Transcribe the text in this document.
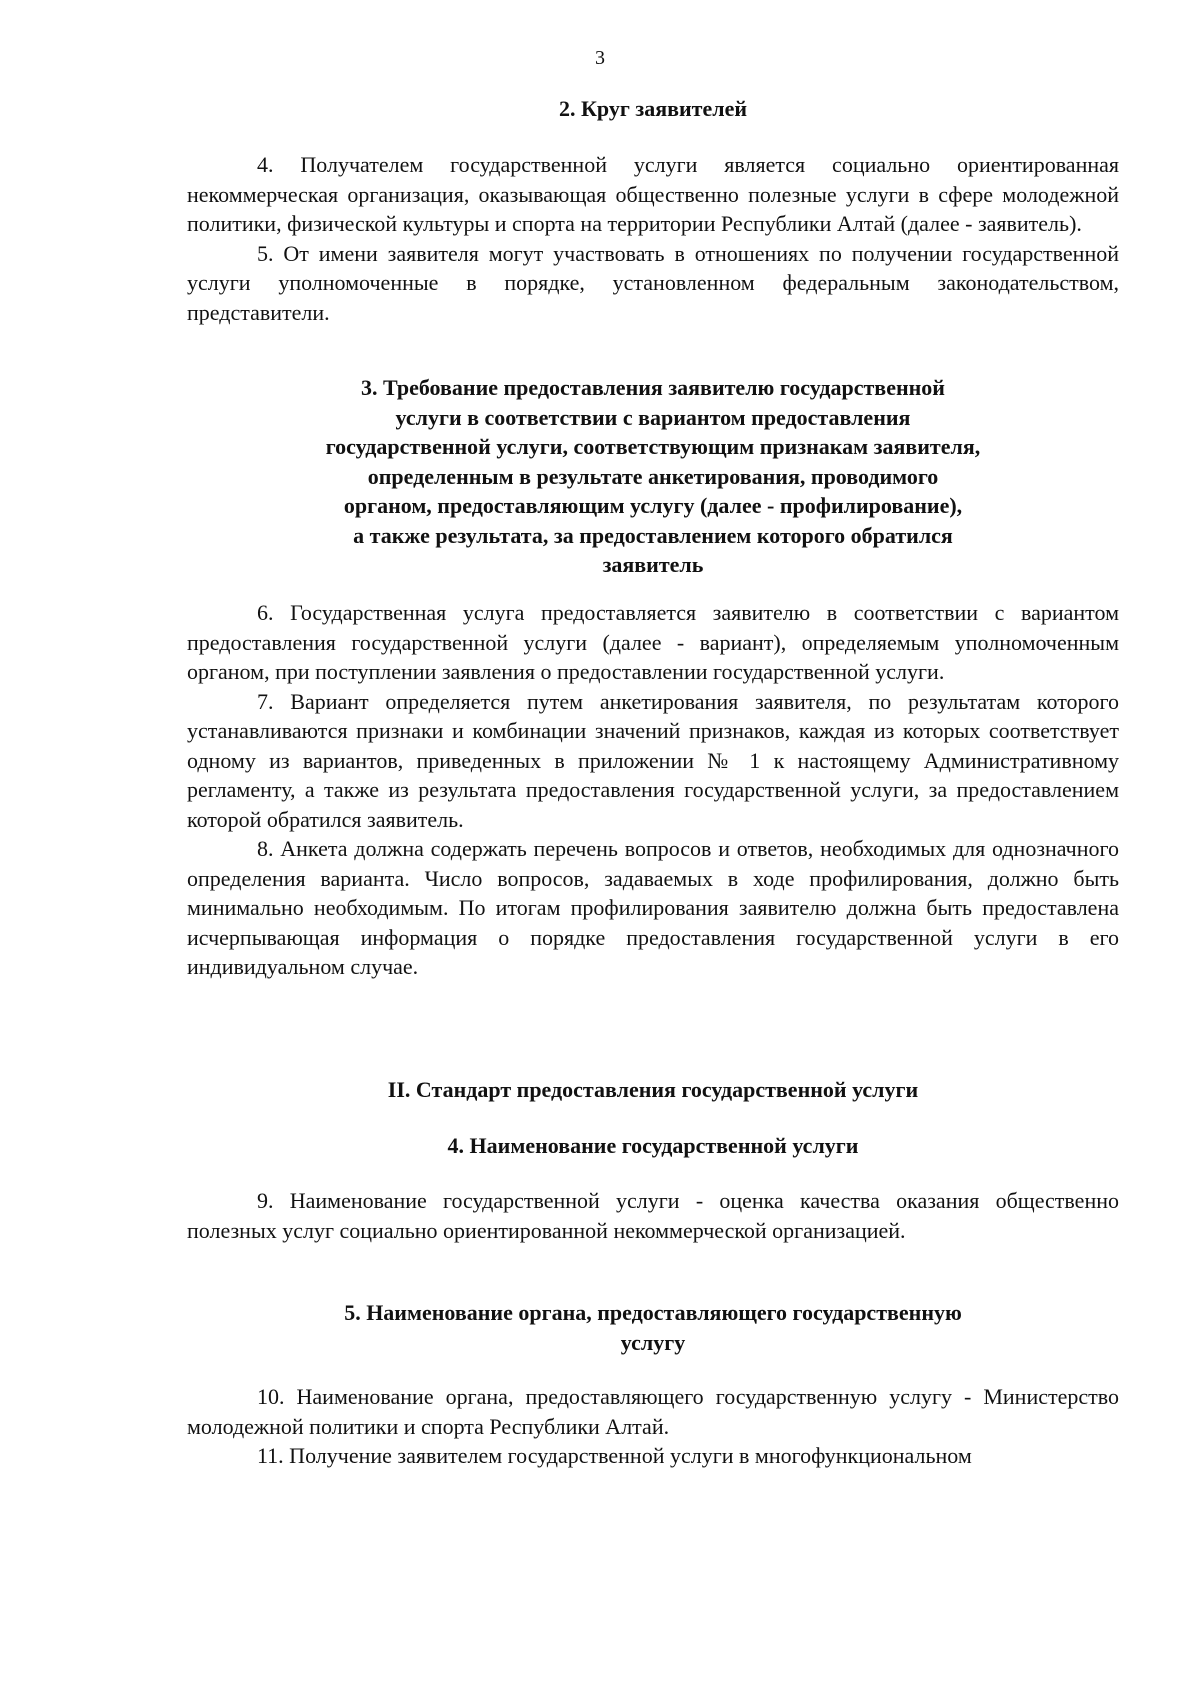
3
2. Круг заявителей

4. Получателем государственной услуги является социально ориентированная некоммерческая организация, оказывающая общественно полезные услуги в сфере молодежной политики, физической культуры и спорта на территории Республики Алтай (далее - заявитель).

5. От имени заявителя могут участвовать в отношениях по получении государственной услуги уполномоченные в порядке, установленном федеральным законодательством, представители.

3. Требование предоставления заявителю государственной
услуги в соответствии с вариантом предоставления
государственной услуги, соответствующим признакам заявителя,
определенным в результате анкетирования, проводимого
органом, предоставляющим услугу (далее - профилирование),
а также результата, за предоставлением которого обратился
заявитель

6. Государственная услуга предоставляется заявителю в соответствии с вариантом предоставления государственной услуги (далее - вариант), определяемым уполномоченным органом, при поступлении заявления о предоставлении государственной услуги.

7. Вариант определяется путем анкетирования заявителя, по результатам которого устанавливаются признаки и комбинации значений признаков, каждая из которых соответствует одному из вариантов, приведенных в приложении № 1 к настоящему Административному регламенту, а также из результата предоставления государственной услуги, за предоставлением которой обратился заявитель.

8. Анкета должна содержать перечень вопросов и ответов, необходимых для однозначного определения варианта. Число вопросов, задаваемых в ходе профилирования, должно быть минимально необходимым. По итогам профилирования заявителю должна быть предоставлена исчерпывающая информация о порядке предоставления государственной услуги в его индивидуальном случае.

II. Стандарт предоставления государственной услуги
4. Наименование государственной услуги

9. Наименование государственной услуги - оценка качества оказания общественно полезных услуг социально ориентированной некоммерческой организацией.

5. Наименование органа, предоставляющего государственную
услугу

10. Наименование органа, предоставляющего государственную услугу - Министерство молодежной политики и спорта Республики Алтай.

11. Получение заявителем государственной услуги в многофункциональном
